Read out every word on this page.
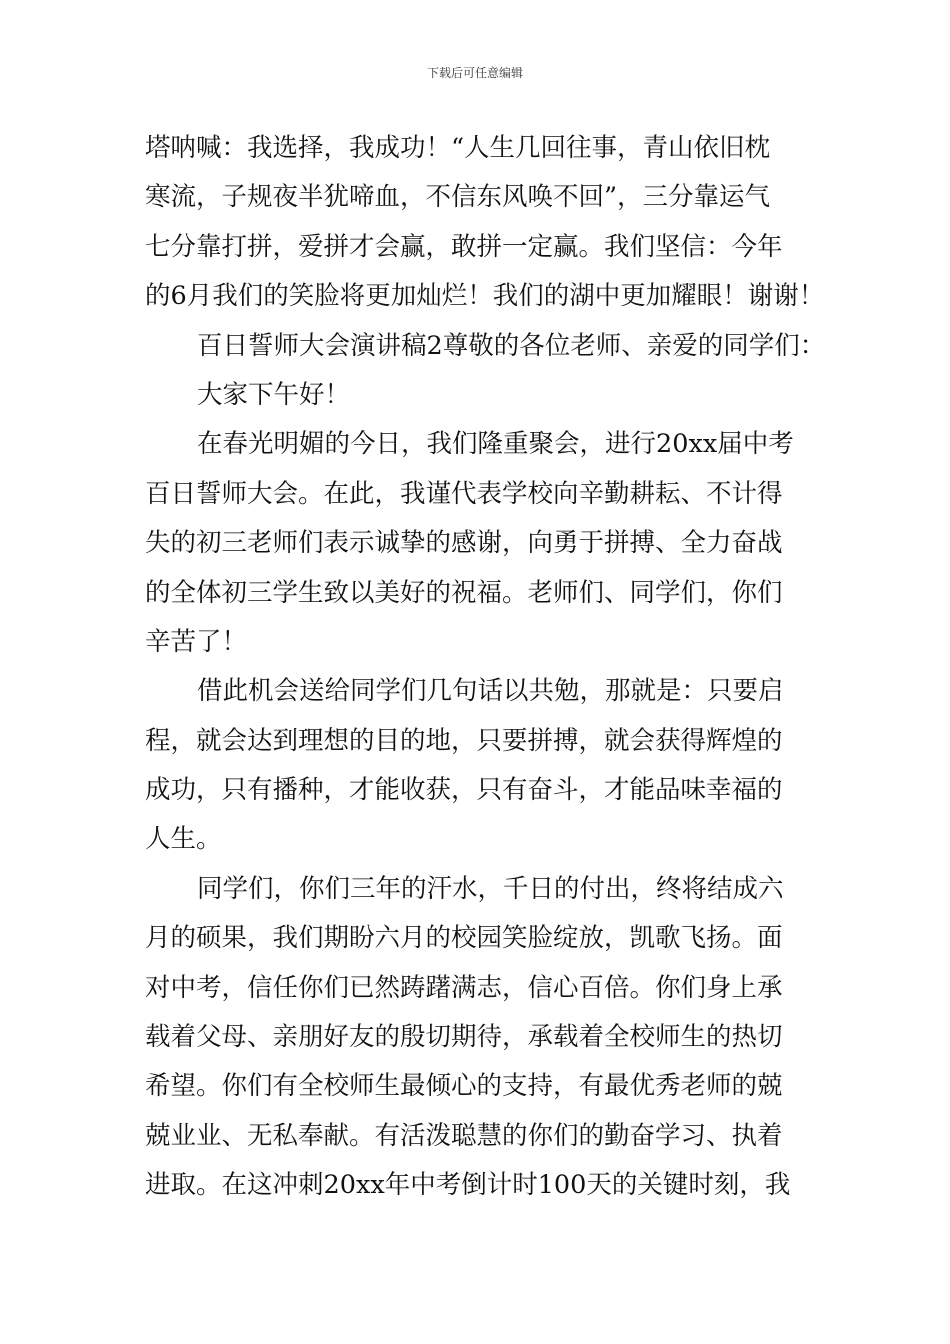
下载后可任意编辑
塔呐喊：我选择，我成功！“人生几回往事，青山依旧枕
寒流，子规夜半犹啼血，不信东风唤不回”，三分靠运气
七分靠打拼，爱拼才会赢，敢拼一定赢。我们坚信：今年
的6月我们的笑脸将更加灿烂！我们的湖中更加耀眼！谢谢！
百日誓师大会演讲稿2尊敬的各位老师、亲爱的同学们：
大家下午好！
在春光明媚的今日，我们隆重聚会，进行20xx届中考
百日誓师大会。在此，我谨代表学校向辛勤耕耘、不计得
失的初三老师们表示诚挚的感谢，向勇于拼搏、全力奋战
的全体初三学生致以美好的祝福。老师们、同学们，你们
辛苦了！
借此机会送给同学们几句话以共勉，那就是：只要启
程，就会达到理想的目的地，只要拼搏，就会获得辉煌的
成功，只有播种，才能收获，只有奋斗，才能品味幸福的
人生。
同学们，你们三年的汗水，千日的付出，终将结成六
月的硕果，我们期盼六月的校园笑脸绽放，凯歌飞扬。面
对中考，信任你们已然踌躇满志，信心百倍。你们身上承
载着父母、亲朋好友的殷切期待，承载着全校师生的热切
希望。你们有全校师生最倾心的支持，有最优秀老师的兢
兢业业、无私奉献。有活泼聪慧的你们的勤奋学习、执着
进取。在这冲刺20xx年中考倒计时100天的关键时刻，我
